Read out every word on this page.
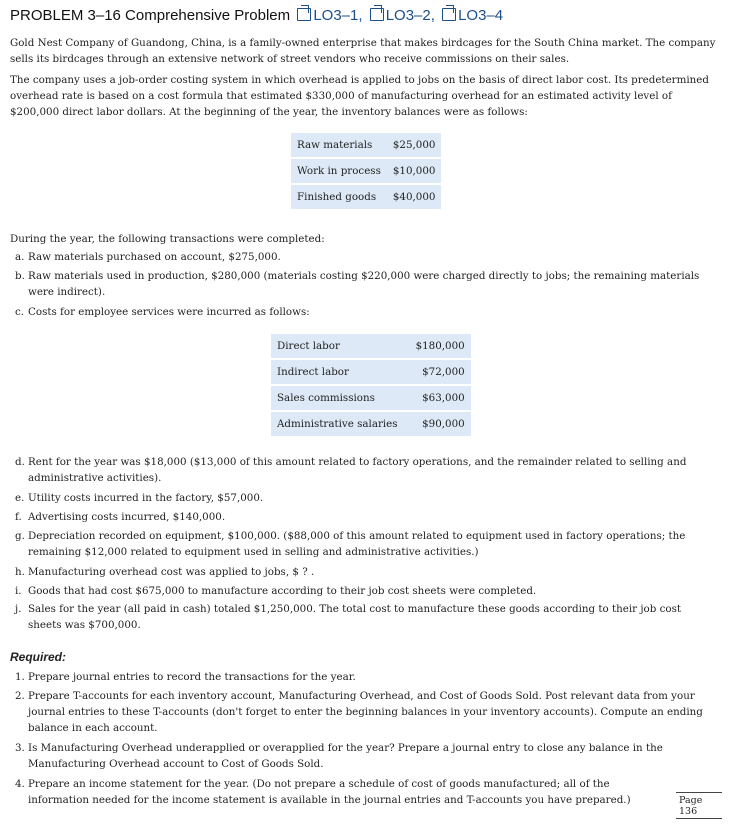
PROBLEM 3–16 Comprehensive Problem LO3–1, LO3–2, LO3–4
Gold Nest Company of Guandong, China, is a family-owned enterprise that makes birdcages for the South China market. The company sells its birdcages through an extensive network of street vendors who receive commissions on their sales.
The company uses a job-order costing system in which overhead is applied to jobs on the basis of direct labor cost. Its predetermined overhead rate is based on a cost formula that estimated $330,000 of manufacturing overhead for an estimated activity level of $200,000 direct labor dollars. At the beginning of the year, the inventory balances were as follows:
Raw materials	$25,000
Work in process	$10,000
Finished goods	$40,000
During the year, the following transactions were completed:
a. Raw materials purchased on account, $275,000.
b. Raw materials used in production, $280,000 (materials costing $220,000 were charged directly to jobs; the remaining materials were indirect).
c. Costs for employee services were incurred as follows:
Direct labor	$180,000
Indirect labor	$72,000
Sales commissions	$63,000
Administrative salaries	$90,000
d. Rent for the year was $18,000 ($13,000 of this amount related to factory operations, and the remainder related to selling and administrative activities).
e. Utility costs incurred in the factory, $57,000.
f. Advertising costs incurred, $140,000.
g. Depreciation recorded on equipment, $100,000. ($88,000 of this amount related to equipment used in factory operations; the remaining $12,000 related to equipment used in selling and administrative activities.)
h. Manufacturing overhead cost was applied to jobs, $ ? .
i. Goods that had cost $675,000 to manufacture according to their job cost sheets were completed.
j. Sales for the year (all paid in cash) totaled $1,250,000. The total cost to manufacture these goods according to their job cost sheets was $700,000.
Required:
1. Prepare journal entries to record the transactions for the year.
2. Prepare T-accounts for each inventory account, Manufacturing Overhead, and Cost of Goods Sold. Post relevant data from your journal entries to these T-accounts (don't forget to enter the beginning balances in your inventory accounts). Compute an ending balance in each account.
3. Is Manufacturing Overhead underapplied or overapplied for the year? Prepare a journal entry to close any balance in the Manufacturing Overhead account to Cost of Goods Sold.
4. Prepare an income statement for the year. (Do not prepare a schedule of cost of goods manufactured; all of the information needed for the income statement is available in the journal entries and T-accounts you have prepared.)	Page 136
